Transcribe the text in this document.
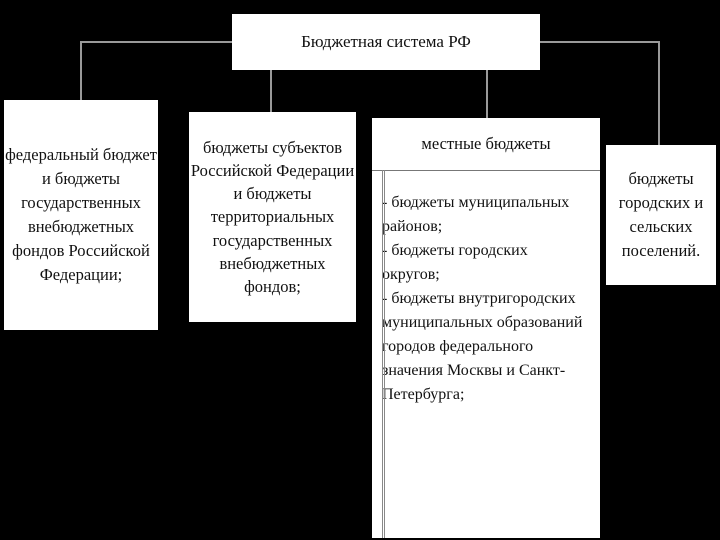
Бюджетная система РФ
федеральный бюджет
и бюджеты
государственных
внебюджетных
фондов Российской
Федерации;
бюджеты субъектов
Российской Федерации
и бюджеты
территориальных
государственных
внебюджетных фондов;
местные бюджеты
- бюджеты муниципальных
районов;
- бюджеты городских
округов;
- бюджеты внутригородских
муниципальных образований
городов федерального
значения Москвы и Санкт-
Петербурга;
бюджеты
городских и
сельских
поселений.
